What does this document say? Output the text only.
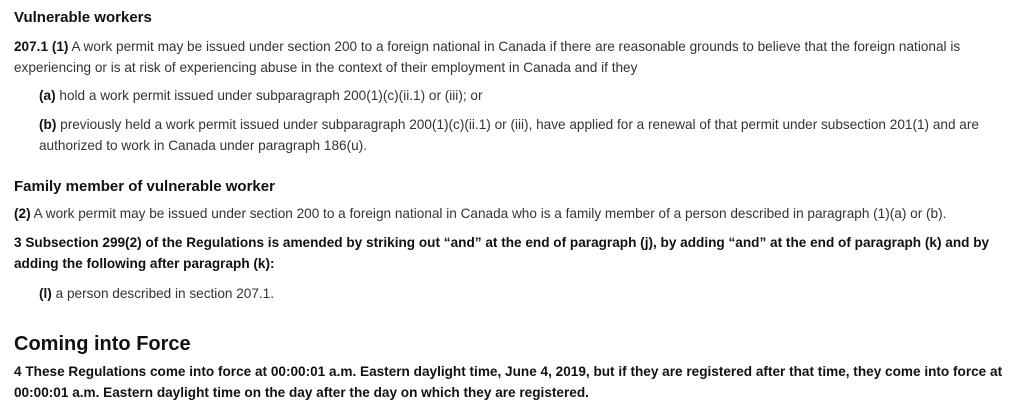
Vulnerable workers

207.1 (1) A work permit may be issued under section 200 to a foreign national in Canada if there are reasonable grounds to believe that the foreign national is experiencing or is at risk of experiencing abuse in the context of their employment in Canada and if they

(a) hold a work permit issued under subparagraph 200(1)(c)(ii.1) or (iii); or

(b) previously held a work permit issued under subparagraph 200(1)(c)(ii.1) or (iii), have applied for a renewal of that permit under subsection 201(1) and are authorized to work in Canada under paragraph 186(u).

Family member of vulnerable worker

(2) A work permit may be issued under section 200 to a foreign national in Canada who is a family member of a person described in paragraph (1)(a) or (b).

3 Subsection 299(2) of the Regulations is amended by striking out “and” at the end of paragraph (j), by adding “and” at the end of paragraph (k) and by adding the following after paragraph (k):

(l) a person described in section 207.1.

Coming into Force

4 These Regulations come into force at 00:00:01 a.m. Eastern daylight time, June 4, 2019, but if they are registered after that time, they come into force at 00:00:01 a.m. Eastern daylight time on the day after the day on which they are registered.
